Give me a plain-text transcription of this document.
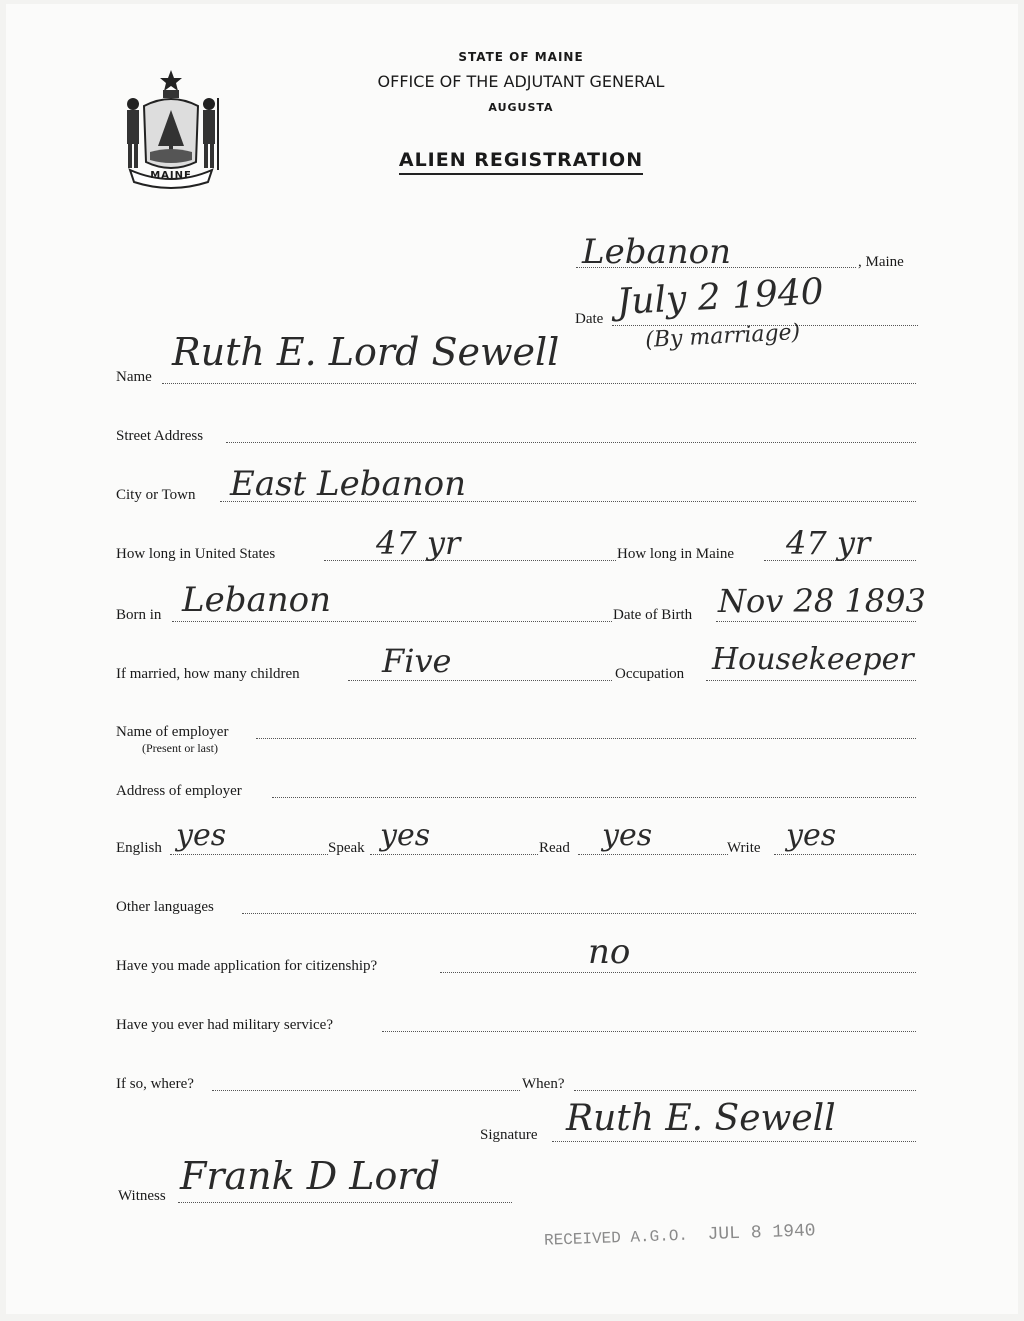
MAINE
STATE OF MAINE
OFFICE OF THE ADJUTANT GENERAL
AUGUSTA
ALIEN REGISTRATION
Lebanon	, Maine
Date July 2 1940
Name
Ruth E. Lord Sewell	(By marriage)
Street Address
City or Town East Lebanon
How long in United States	47 yr	How long in Maine 47 yr
Born in Lebanon	Date of Birth Nov 28 1893
If married, how many children	Five	Occupation Housekeeper
Name of employer
(Present or last)
Address of employer
English yes	Speak yes	Read yes	Write yes
Other languages
Have you made application for citizenship?	no
Have you ever had military service?
If so, where?	When?
Signature Ruth E. Sewell
Witness Frank D Lord
RECEIVED A.G.O. JUL 8 1940
